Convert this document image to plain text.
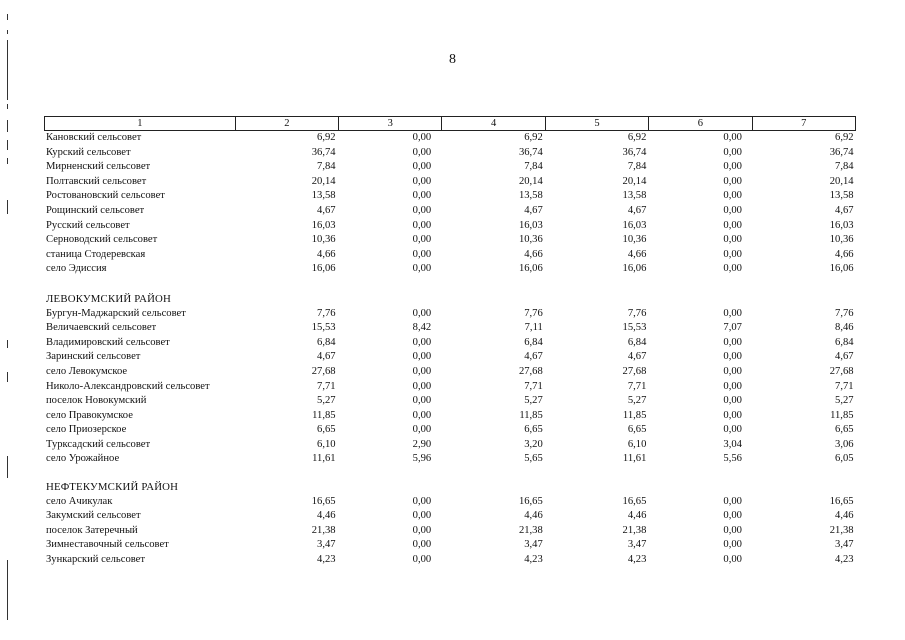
8
1	2	3	4	5	6	7
Кановский сельсовет	6,92	0,00	6,92	6,92	0,00	6,92
Курский сельсовет	36,74	0,00	36,74	36,74	0,00	36,74
Мирненский сельсовет	7,84	0,00	7,84	7,84	0,00	7,84
Полтавский сельсовет	20,14	0,00	20,14	20,14	0,00	20,14
Ростовановский сельсовет	13,58	0,00	13,58	13,58	0,00	13,58
Рощинский сельсовет	4,67	0,00	4,67	4,67	0,00	4,67
Русский сельсовет	16,03	0,00	16,03	16,03	0,00	16,03
Серноводский сельсовет	10,36	0,00	10,36	10,36	0,00	10,36
станица Стодеревская	4,66	0,00	4,66	4,66	0,00	4,66
село Эдиссия	16,06	0,00	16,06	16,06	0,00	16,06
ЛЕВОКУМСКИЙ РАЙОН
Бургун-Маджарский сельсовет	7,76	0,00	7,76	7,76	0,00	7,76
Величаевский сельсовет	15,53	8,42	7,11	15,53	7,07	8,46
Владимировский сельсовет	6,84	0,00	6,84	6,84	0,00	6,84
Заринский сельсовет	4,67	0,00	4,67	4,67	0,00	4,67
село Левокумское	27,68	0,00	27,68	27,68	0,00	27,68
Николо-Александровский сельсовет	7,71	0,00	7,71	7,71	0,00	7,71
поселок Новокумский	5,27	0,00	5,27	5,27	0,00	5,27
село Правокумское	11,85	0,00	11,85	11,85	0,00	11,85
село Приозерское	6,65	0,00	6,65	6,65	0,00	6,65
Турксадский сельсовет	6,10	2,90	3,20	6,10	3,04	3,06
село Урожайное	11,61	5,96	5,65	11,61	5,56	6,05
НЕФТЕКУМСКИЙ РАЙОН
село Ачикулак	16,65	0,00	16,65	16,65	0,00	16,65
Закумский сельсовет	4,46	0,00	4,46	4,46	0,00	4,46
поселок Затеречный	21,38	0,00	21,38	21,38	0,00	21,38
Зимнеставочный сельсовет	3,47	0,00	3,47	3,47	0,00	3,47
Зункарский сельсовет	4,23	0,00	4,23	4,23	0,00	4,23
